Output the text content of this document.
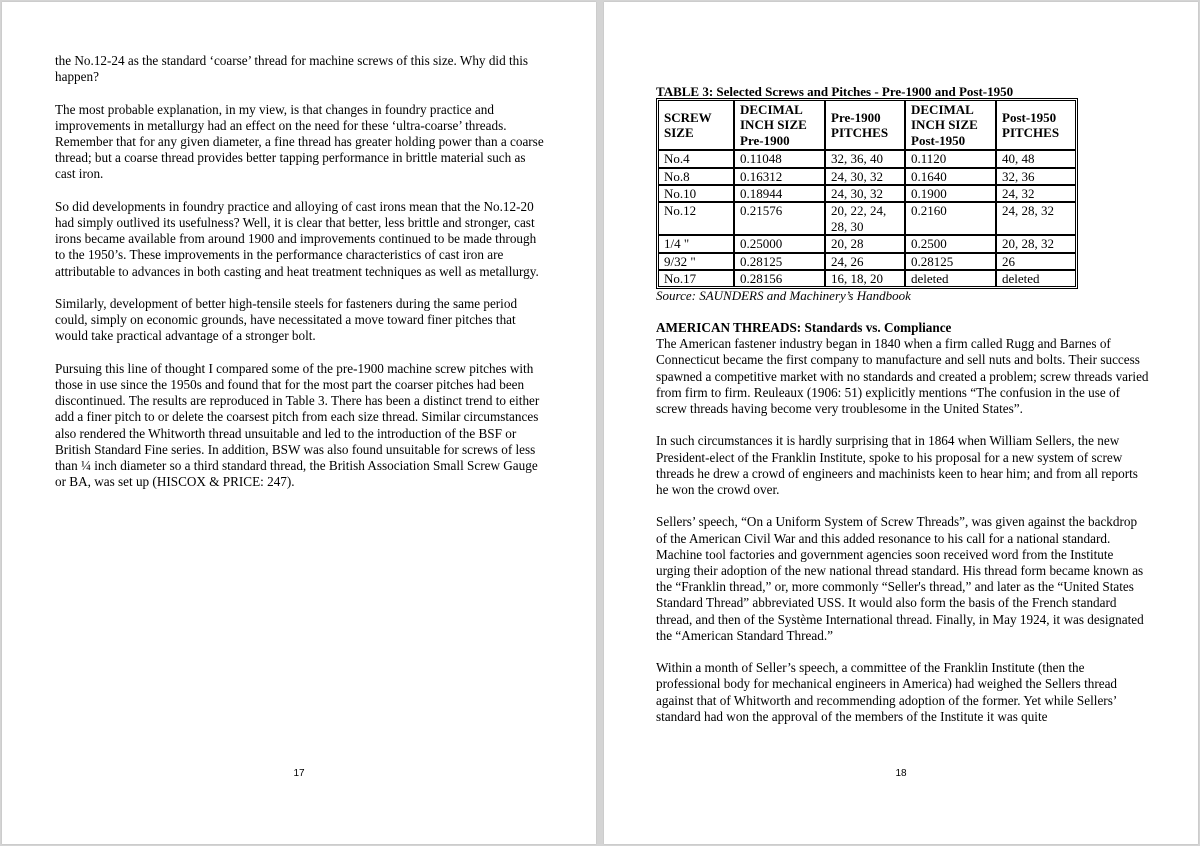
the No.12-24 as the standard ‘coarse’ thread for machine screws of this size. Why did this happen?

The most probable explanation, in my view, is that changes in foundry practice and improvements in metallurgy had an effect on the need for these ‘ultra-coarse’ threads. Remember that for any given diameter, a fine thread has greater holding power than a coarse thread; but a coarse thread provides better tapping performance in brittle material such as cast iron.

So did developments in foundry practice and alloying of cast irons mean that the No.12-20 had simply outlived its usefulness? Well, it is clear that better, less brittle and stronger, cast irons became available from around 1900 and improvements continued to be made through to the 1950’s. These improvements in the performance characteristics of cast iron are attributable to advances in both casting and heat treatment techniques as well as metallurgy.

Similarly, development of better high-tensile steels for fasteners during the same period could, simply on economic grounds, have necessitated a move toward finer pitches that would take practical advantage of a stronger bolt.

Pursuing this line of thought I compared some of the pre-1900 machine screw pitches with those in use since the 1950s and found that for the most part the coarser pitches had been discontinued. The results are reproduced in Table 3. There has been a distinct trend to either add a finer pitch to or delete the coarsest pitch from each size thread. Similar circumstances also rendered the Whitworth thread unsuitable and led to the introduction of the BSF or British Standard Fine series. In addition, BSW was also found unsuitable for screws of less than ¼ inch diameter so a third standard thread, the British Association Small Screw Gauge or BA, was set up (HISCOX & PRICE: 247).

17
TABLE 3: Selected Screws and Pitches - Pre-1900 and Post-1950
SCREW SIZE	DECIMAL INCH SIZE Pre-1900	Pre-1900 PITCHES	DECIMAL INCH SIZE Post-1950	Post-1950 PITCHES
No.4	0.11048	32, 36, 40	0.1120	40, 48
No.8	0.16312	24, 30, 32	0.1640	32, 36
No.10	0.18944	24, 30, 32	0.1900	24, 32
No.12	0.21576	20, 22, 24, 28, 30	0.2160	24, 28, 32
1/4 "	0.25000	20, 28	0.2500	20, 28, 32
9/32 "	0.28125	24, 26	0.28125	26
No.17	0.28156	16, 18, 20	deleted	deleted
Source: SAUNDERS and Machinery’s Handbook
AMERICAN THREADS: Standards vs. Compliance

The American fastener industry began in 1840 when a firm called Rugg and Barnes of Connecticut became the first company to manufacture and sell nuts and bolts. Their success spawned a competitive market with no standards and created a problem; screw threads varied from firm to firm. Reuleaux (1906: 51) explicitly mentions “The confusion in the use of screw threads having become very troublesome in the United States”.

In such circumstances it is hardly surprising that in 1864 when William Sellers, the new President-elect of the Franklin Institute, spoke to his proposal for a new system of screw threads he drew a crowd of engineers and machinists keen to hear him; and from all reports he won the crowd over.

Sellers’ speech, “On a Uniform System of Screw Threads”, was given against the backdrop of the American Civil War and this added resonance to his call for a national standard. Machine tool factories and government agencies soon received word from the Institute urging their adoption of the new national thread standard. His thread form became known as the “Franklin thread,” or, more commonly “Seller's thread,” and later as the “United States Standard Thread” abbreviated USS. It would also form the basis of the French standard thread, and then of the Système International thread. Finally, in May 1924, it was designated the “American Standard Thread.”

Within a month of Seller’s speech, a committee of the Franklin Institute (then the professional body for mechanical engineers in America) had weighed the Sellers thread against that of Whitworth and recommending adoption of the former. Yet while Sellers’ standard had won the approval of the members of the Institute it was quite

18
